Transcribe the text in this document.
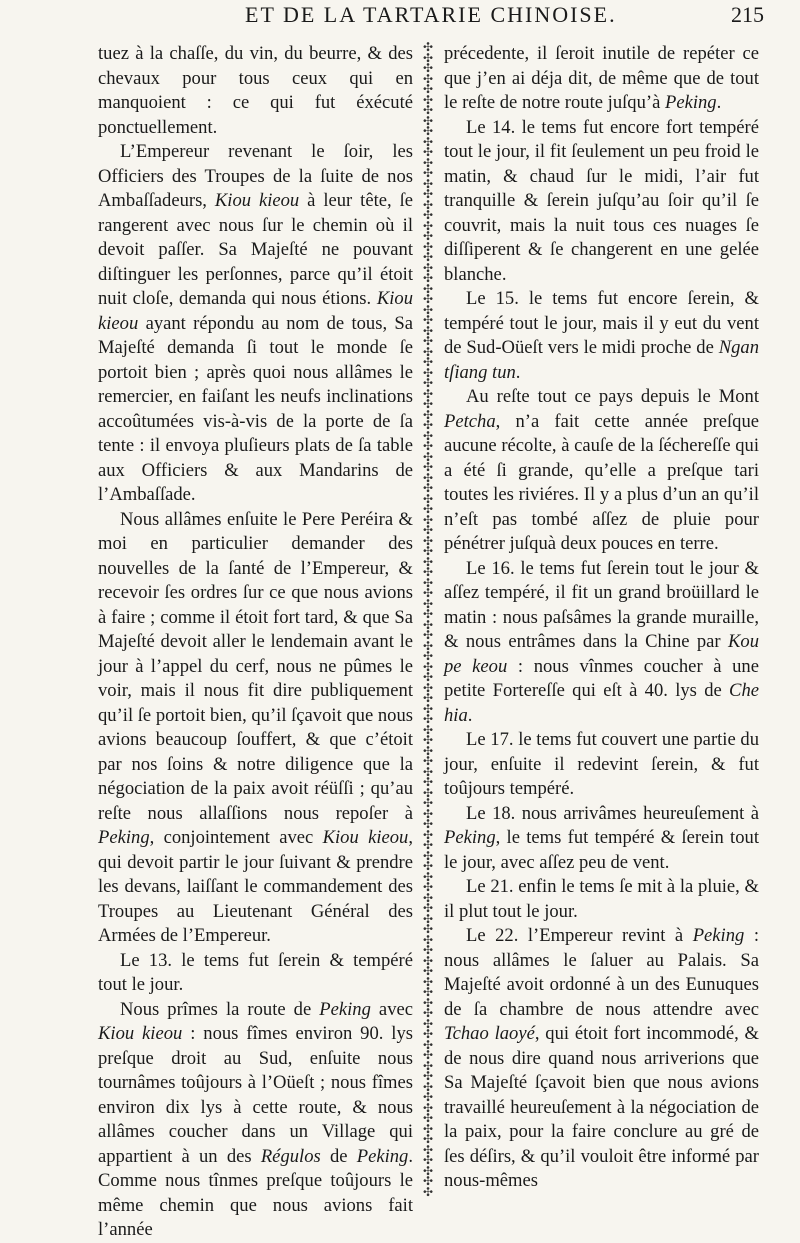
ET DE LA TARTARIE CHINOISE.	215

tuez à la chaſſe, du vin, du beurre, & des chevaux pour tous ceux qui en manquoient : ce qui fut éxécuté ponctuellement.

L’Empereur revenant le ſoir, les Officiers des Troupes de la ſuite de nos Ambaſſadeurs, Kiou kieou à leur tête, ſe rangerent avec nous ſur le chemin où il devoit paſſer. Sa Majeſté ne pouvant diſtinguer les perſonnes, parce qu’il étoit nuit cloſe, demanda qui nous étions. Kiou kieou ayant répondu au nom de tous, Sa Majeſté demanda ſi tout le monde ſe portoit bien ; après quoi nous allâmes le remercier, en faiſant les neufs inclinations accoûtumées vis-à-vis de la porte de ſa tente : il envoya pluſieurs plats de ſa table aux Officiers & aux Mandarins de l’Ambaſſade.

Nous allâmes enſuite le Pere Peréira & moi en particulier demander des nouvelles de la ſanté de l’Empereur, & recevoir ſes ordres ſur ce que nous avions à faire ; comme il étoit fort tard, & que Sa Majeſté devoit aller le lendemain avant le jour à l’appel du cerf, nous ne pûmes le voir, mais il nous fit dire publiquement qu’il ſe portoit bien, qu’il ſçavoit que nous avions beaucoup ſouffert, & que c’étoit par nos ſoins & notre diligence que la négociation de la paix avoit réüſſi ; qu’au reſte nous allaſſions nous repoſer à Peking, conjointement avec Kiou kieou, qui devoit partir le jour ſuivant & prendre les devans, laiſſant le commandement des Troupes au Lieutenant Général des Armées de l’Empereur.

Le 13. le tems fut ſerein & tempéré tout le jour.

Nous prîmes la route de Peking avec Kiou kieou : nous fîmes environ 90. lys preſque droit au Sud, enſuite nous tournâmes toûjours à l’Oüeſt ; nous fîmes environ dix lys à cette route, & nous allâmes coucher dans un Village qui appartient à un des Régulos de Peking. Comme nous tînmes preſque toûjours le même chemin que nous avions fait l’année

✣
✣
✣
✣
✣
✣
✣
✣
✣
✣
✣
✣
✣
✣
✣
✣
✣
✣
✣
✣
✣
✣
✣
✣
✣
✣
✣
✣
✣
✣
✣
✣
✣
✣
✣
✣
✣
✣
✣
✣
✣
✣
✣
✣
✣
✣
✣
✣
✣
✣
✣
✣
✣
✣
✣
✣
✣
✣
✣
✣
✣
✣
✣
✣
✣
✣
✣
✣
✣
✣
✣
✣
✣
✣
✣
✣
✣
✣
✣
✣
✣
✣
✣
✣
✣
✣
✣
✣
✣
✣
✣
✣
✣
✣
✣
✣
✣
✣
✣
✣
✣
✣
✣
✣
✣
✣
✣
✣
✣
✣

précedente, il ſeroit inutile de repéter ce que j’en ai déja dit, de même que de tout le reſte de notre route juſqu’à Peking.

Le 14. le tems fut encore fort tempéré tout le jour, il fit ſeulement un peu froid le matin, & chaud ſur le midi, l’air fut tranquille & ſerein juſqu’au ſoir qu’il ſe couvrit, mais la nuit tous ces nuages ſe diſſiperent & ſe changerent en une gelée blanche.

Le 15. le tems fut encore ſerein, & tempéré tout le jour, mais il y eut du vent de Sud-Oüeſt vers le midi proche de Ngan tſiang tun.

Au reſte tout ce pays depuis le Mont Petcha, n’a fait cette année preſque aucune récolte, à cauſe de la ſéchereſſe qui a été ſi grande, qu’elle a preſque tari toutes les riviéres. Il y a plus d’un an qu’il n’eſt pas tombé aſſez de pluie pour pénétrer juſquà deux pouces en terre.

Le 16. le tems fut ſerein tout le jour & aſſez tempéré, il fit un grand broüillard le matin : nous paſsâmes la grande muraille, & nous entrâmes dans la Chine par Kou pe keou : nous vînmes coucher à une petite Fortereſſe qui eſt à 40. lys de Che hia.

Le 17. le tems fut couvert une partie du jour, enſuite il redevint ſerein, & fut toûjours tempéré.

Le 18. nous arrivâmes heureuſement à Peking, le tems fut tempéré & ſerein tout le jour, avec aſſez peu de vent.

Le 21. enfin le tems ſe mit à la pluie, & il plut tout le jour.

Le 22. l’Empereur revint à Peking : nous allâmes le ſaluer au Palais. Sa Majeſté avoit ordonné à un des Eunuques de ſa chambre de nous attendre avec Tchao laoyé, qui étoit fort incommodé, & de nous dire quand nous arriverions que Sa Majeſté ſçavoit bien que nous avions travaillé heureuſement à la négociation de la paix, pour la faire conclure au gré de ſes déſirs, & qu’il vouloit être informé par nous-mêmes
